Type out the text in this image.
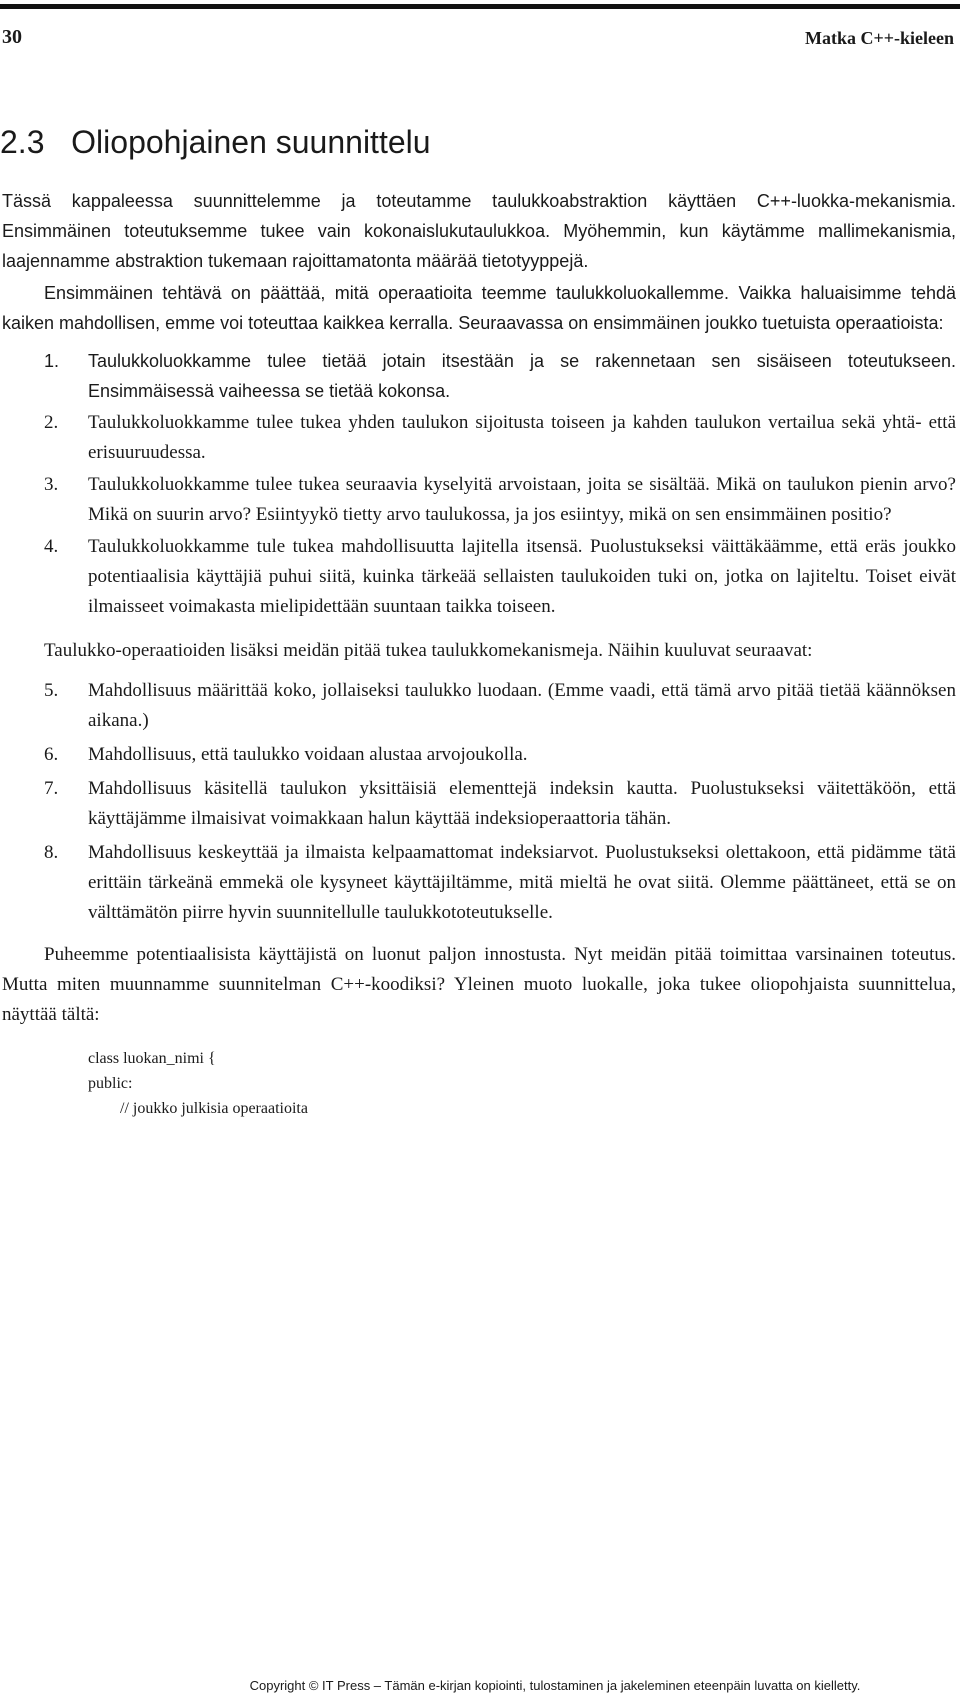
30	Matka C++-kieleen
2.3   Oliopohjainen suunnittelu

Tässä kappaleessa suunnittelemme ja toteutamme taulukkoabstraktion käyttäen C++-luokka-mekanismia. Ensimmäinen toteutuksemme tukee vain kokonaislukutaulukkoa. Myöhemmin, kun käytämme mallimekanismia, laajennamme abstraktion tukemaan rajoittamatonta määrää tietotyyppejä.

Ensimmäinen tehtävä on päättää, mitä operaatioita teemme taulukkoluokallemme. Vaikka haluaisimme tehdä kaiken mahdollisen, emme voi toteuttaa kaikkea kerralla. Seuraavassa on ensimmäinen joukko tuetuista operaatioista:

1.	Taulukkoluokkamme tulee tietää jotain itsestään ja se rakennetaan sen sisäiseen toteutukseen. Ensimmäisessä vaiheessa se tietää kokonsa.
2.	Taulukkoluokkamme tulee tukea yhden taulukon sijoitusta toiseen ja kahden taulukon vertailua sekä yhtä- että erisuuruudessa.
3.	Taulukkoluokkamme tulee tukea seuraavia kyselyitä arvoistaan, joita se sisältää. Mikä on taulukon pienin arvo? Mikä on suurin arvo? Esiintyykö tietty arvo taulukossa, ja jos esiintyy, mikä on sen ensimmäinen positio?
4.	Taulukkoluokkamme tule tukea mahdollisuutta lajitella itsensä. Puolustukseksi väittäkäämme, että eräs joukko potentiaalisia käyttäjiä puhui siitä, kuinka tärkeää sellaisten taulukoiden tuki on, jotka on lajiteltu. Toiset eivät ilmaisseet voimakasta mielipidettään suuntaan taikka toiseen.

Taulukko-operaatioiden lisäksi meidän pitää tukea taulukkomekanismeja. Näihin kuuluvat seuraavat:

5.	Mahdollisuus määrittää koko, jollaiseksi taulukko luodaan. (Emme vaadi, että tämä arvo pitää tietää käännöksen aikana.)
6.	Mahdollisuus, että taulukko voidaan alustaa arvojoukolla.
7.	Mahdollisuus käsitellä taulukon yksittäisiä elementtejä indeksin kautta. Puolustukseksi väitettäköön, että käyttäjämme ilmaisivat voimakkaan halun käyttää indeksioperaattoria tähän.
8.	Mahdollisuus keskeyttää ja ilmaista kelpaamattomat indeksiarvot. Puolustukseksi olettakoon, että pidämme tätä erittäin tärkeänä emmekä ole kysyneet käyttäjiltämme, mitä mieltä he ovat siitä. Olemme päättäneet, että se on välttämätön piirre hyvin suunnitellulle taulukkototeutukselle.

Puheemme potentiaalisista käyttäjistä on luonut paljon innostusta. Nyt meidän pitää toimittaa varsinainen toteutus. Mutta miten muunnamme suunnitelman C++-koodiksi? Yleinen muoto luokalle, joka tukee oliopohjaista suunnittelua, näyttää tältä:

class luokan_nimi {
public:
// joukko julkisia operaatioita
Copyright © IT Press – Tämän e-kirjan kopiointi, tulostaminen ja jakeleminen eteenpäin luvatta on kielletty.
